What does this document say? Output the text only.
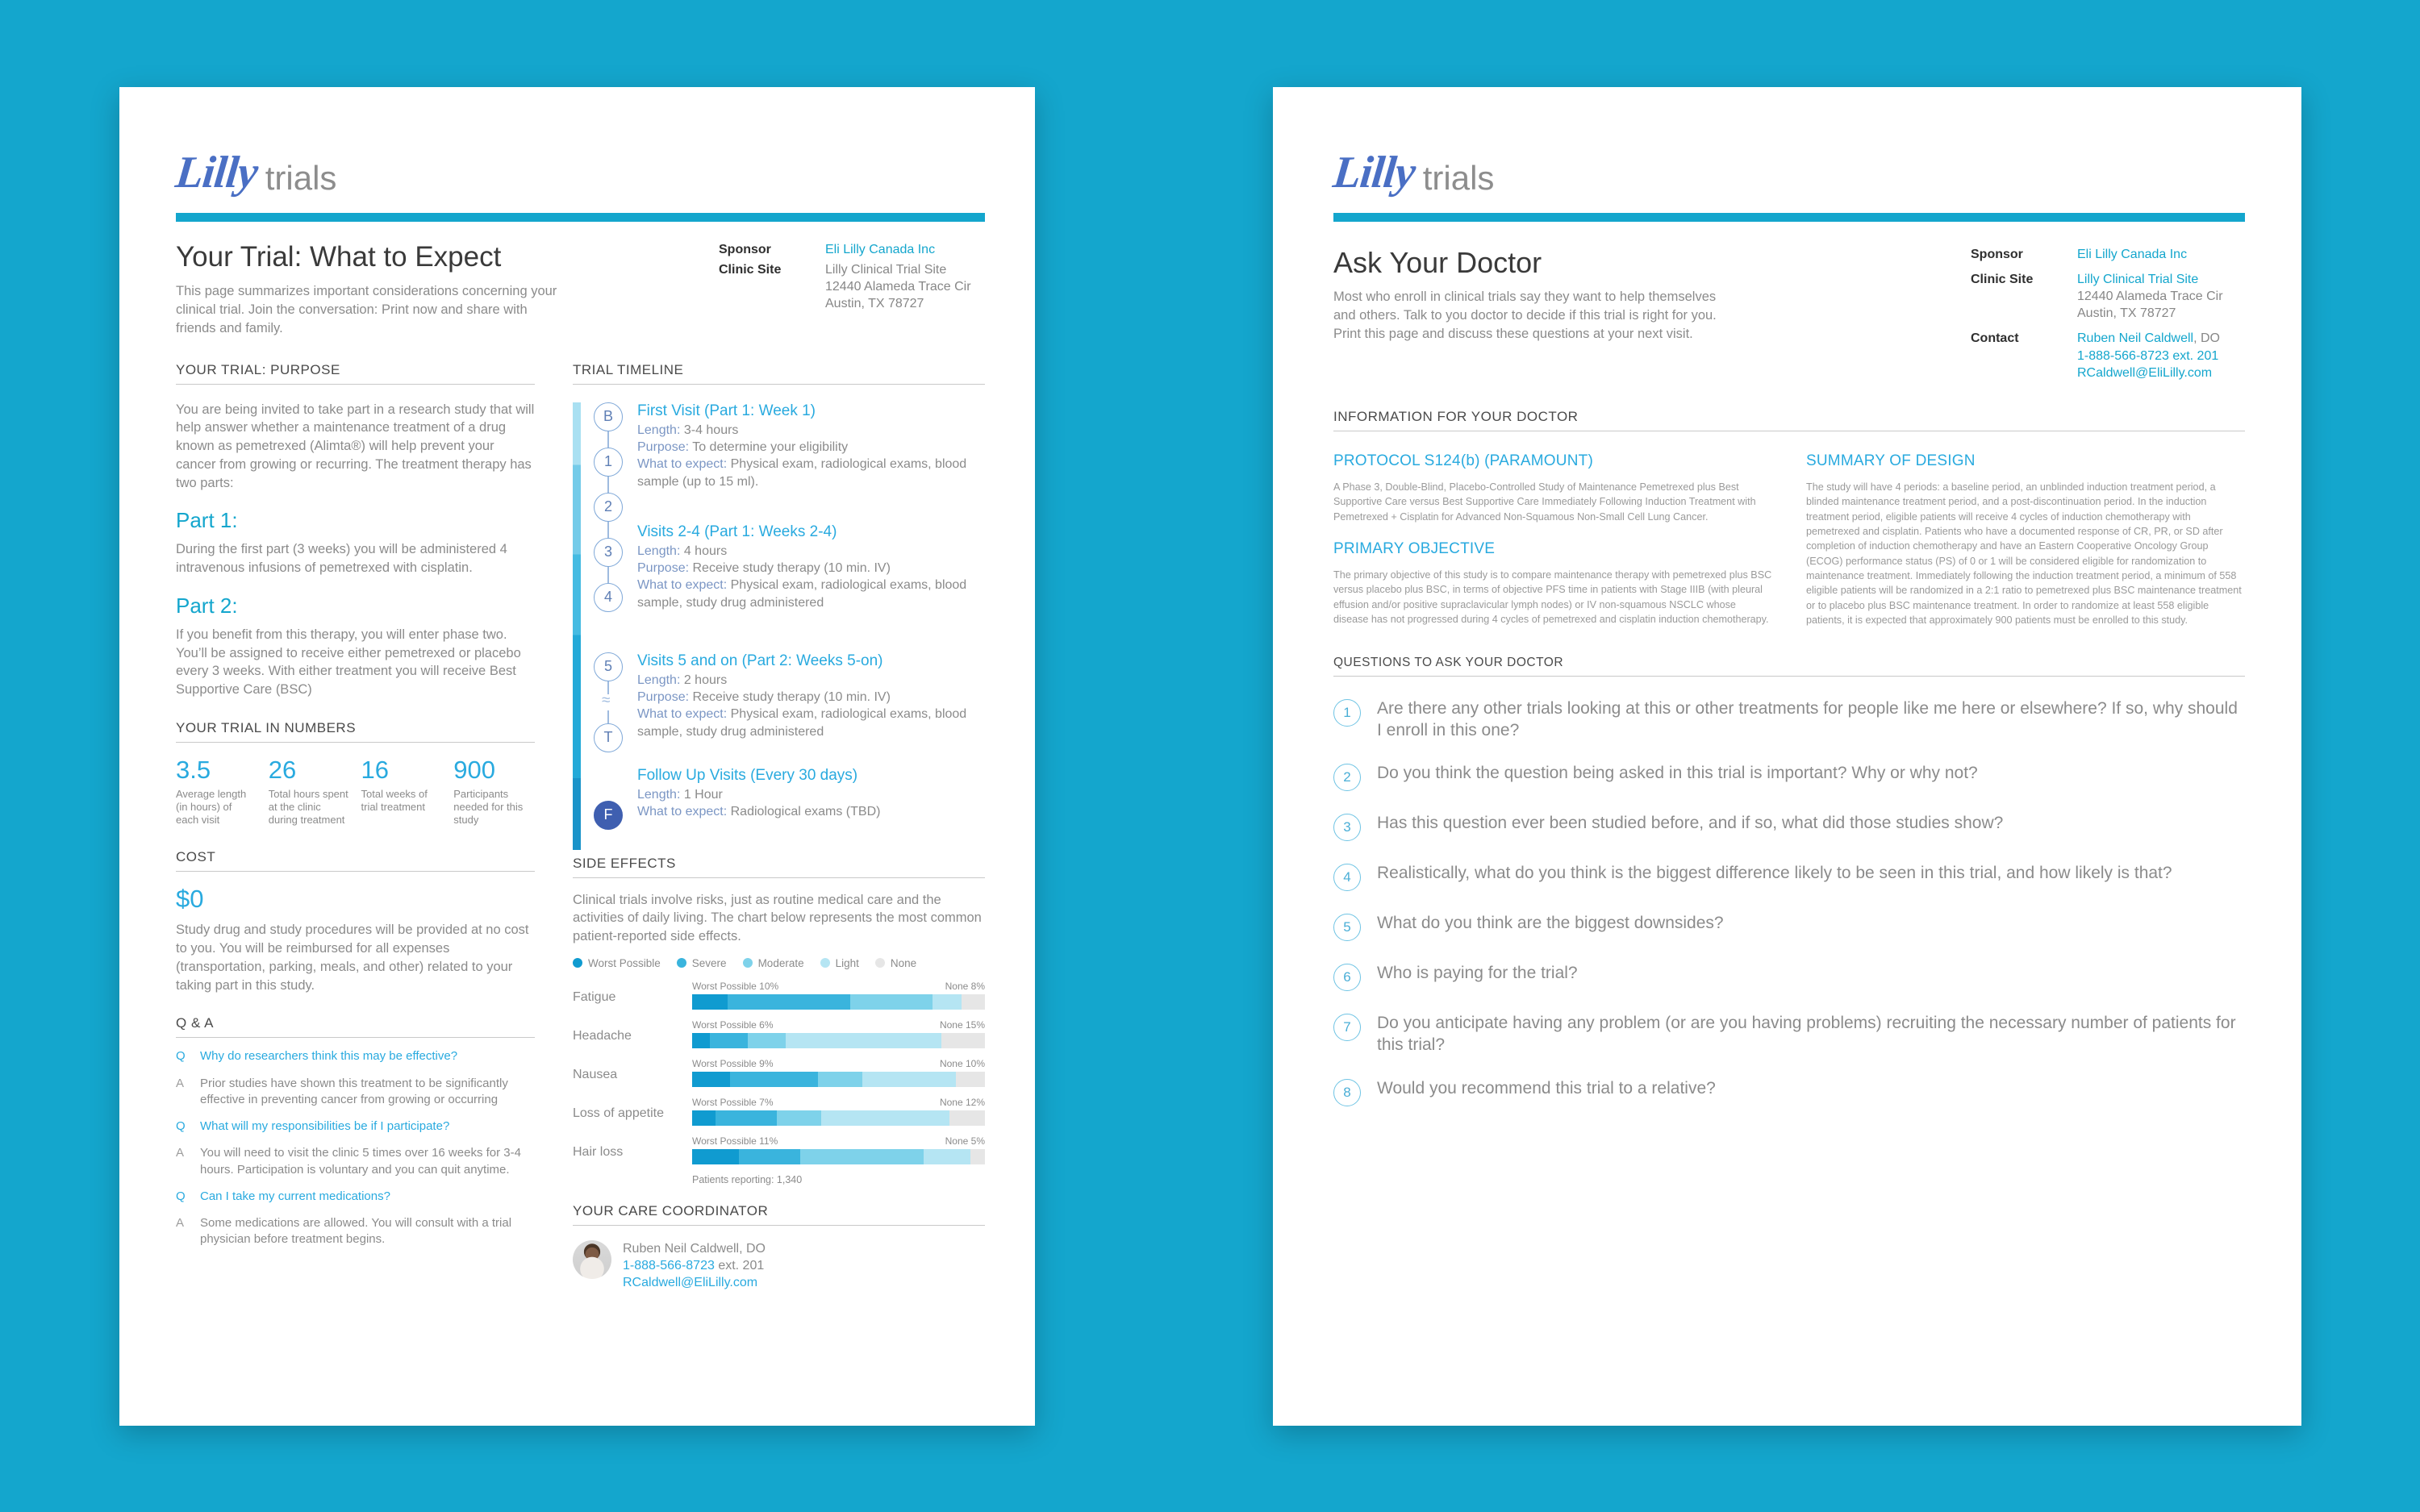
Lilly trials
Your Trial: What to Expect
This page summarizes important considerations concerning your clinical trial. Join the conversation: Print now and share with friends and family.
Sponsor	Eli Lilly Canada Inc
Clinic Site	Lilly Clinical Trial Site
12440 Alameda Trace Cir
Austin, TX 78727
YOUR TRIAL: PURPOSE
You are being invited to take part in a research study that will help answer whether a maintenance treatment of a drug known as pemetrexed (Alimta®) will help prevent your cancer from growing or recurring. The treatment therapy has two parts:
Part 1:
During the first part (3 weeks) you will be administered 4 intravenous infusions of pemetrexed with cisplatin.
Part 2:
If you benefit from this therapy, you will enter phase two. You’ll be assigned to receive either pemetrexed or placebo every 3 weeks. With either treatment you will receive Best Supportive Care (BSC)
YOUR TRIAL IN NUMBERS
3.5
Average length (in hours) of each visit
26
Total hours spent at the clinic during treatment
16
Total weeks of trial treatment
900
Participants needed for this study
COST
$0
Study drug and study procedures will be provided at no cost to you. You will be reimbursed for all expenses (transportation, parking, meals, and other) related to your taking part in this study.
Q & A
Q	Why do researchers think this may be effective?
A	Prior studies have shown this treatment to be significantly effective in preventing cancer from growing or occurring
Q	What will my responsibilities be if I participate?
A	You will need to visit the clinic 5 times over 16 weeks for 3-4 hours. Participation is voluntary and you can quit anytime.
Q	Can I take my current medications?
A	Some medications are allowed. You will consult with a trial physician before treatment begins.
TRIAL TIMELINE
B
1
2
3
4
5
≈
T
F
First Visit (Part 1: Week 1)
Length: 3-4 hours
Purpose: To determine your eligibility
What to expect: Physical exam, radiological exams, blood sample (up to 15 ml).
Visits 2-4 (Part 1: Weeks 2-4)
Length: 4 hours
Purpose: Receive study therapy (10 min. IV)
What to expect: Physical exam, radiological exams, blood sample, study drug administered
Visits 5 and on (Part 2: Weeks 5-on)
Length: 2 hours
Purpose: Receive study therapy (10 min. IV)
What to expect: Physical exam, radiological exams, blood sample, study drug administered
Follow Up Visits (Every 30 days)
Length: 1 Hour
What to expect: Radiological exams (TBD)
SIDE EFFECTS
Clinical trials involve risks, just as routine medical care and the activities of daily living. The chart below represents the most common patient-reported side effects.
Worst Possible	Severe	Moderate	Light	None
Fatigue
Worst Possible 10%	None 8%
Headache
Worst Possible 6%	None 15%
Nausea
Worst Possible 9%	None 10%
Loss of appetite
Worst Possible 7%	None 12%
Hair loss
Worst Possible 11%	None 5%
Patients reporting: 1,340
YOUR CARE COORDINATOR
Ruben Neil Caldwell, DO
1-888-566-8723 ext. 201
RCaldwell@EliLilly.com
Lilly trials
Ask Your Doctor
Most who enroll in clinical trials say they want to help themselves and others. Talk to you doctor to decide if this trial is right for you. Print this page and discuss these questions at your next visit.
Sponsor	Eli Lilly Canada Inc
Clinic Site	Lilly Clinical Trial Site
12440 Alameda Trace Cir
Austin, TX 78727
Contact	Ruben Neil Caldwell, DO
1-888-566-8723 ext. 201
RCaldwell@EliLilly.com
INFORMATION FOR YOUR DOCTOR
PROTOCOL S124(b) (PARAMOUNT)
A Phase 3, Double-Blind, Placebo-Controlled Study of Maintenance Pemetrexed plus Best Supportive Care versus Best Supportive Care Immediately Following Induction Treatment with Pemetrexed + Cisplatin for Advanced Non-Squamous Non-Small Cell Lung Cancer.
PRIMARY OBJECTIVE
The primary objective of this study is to compare maintenance therapy with pemetrexed plus BSC versus placebo plus BSC, in terms of objective PFS time in patients with Stage IIIB (with pleural effusion and/or positive supraclavicular lymph nodes) or IV non-squamous NSCLC whose disease has not progressed during 4 cycles of pemetrexed and cisplatin induction chemotherapy.
SUMMARY OF DESIGN
The study will have 4 periods: a baseline period, an unblinded induction treatment period, a blinded maintenance treatment period, and a post-discontinuation period. In the induction treatment period, eligible patients will receive 4 cycles of induction chemotherapy with pemetrexed and cisplatin. Patients who have a documented response of CR, PR, or SD after completion of induction chemotherapy and have an Eastern Cooperative Oncology Group (ECOG) performance status (PS) of 0 or 1 will be considered eligible for randomization to maintenance treatment. Immediately following the induction treatment period, a minimum of 558 eligible patients will be randomized in a 2:1 ratio to pemetrexed plus BSC maintenance treatment or to placebo plus BSC maintenance treatment. In order to randomize at least 558 eligible patients, it is expected that approximately 900 patients must be enrolled to this study.
QUESTIONS TO ASK YOUR DOCTOR
1	Are there any other trials looking at this or other treatments for people like me here or elsewhere? If so, why should I enroll in this one?
2	Do you think the question being asked in this trial is important? Why or why not?
3	Has this question ever been studied before, and if so, what did those studies show?
4	Realistically, what do you think is the biggest difference likely to be seen in this trial, and how likely is that?
5	What do you think are the biggest downsides?
6	Who is paying for the trial?
7	Do you anticipate having any problem (or are you having problems) recruiting the necessary number of patients for this trial?
8	Would you recommend this trial to a relative?
